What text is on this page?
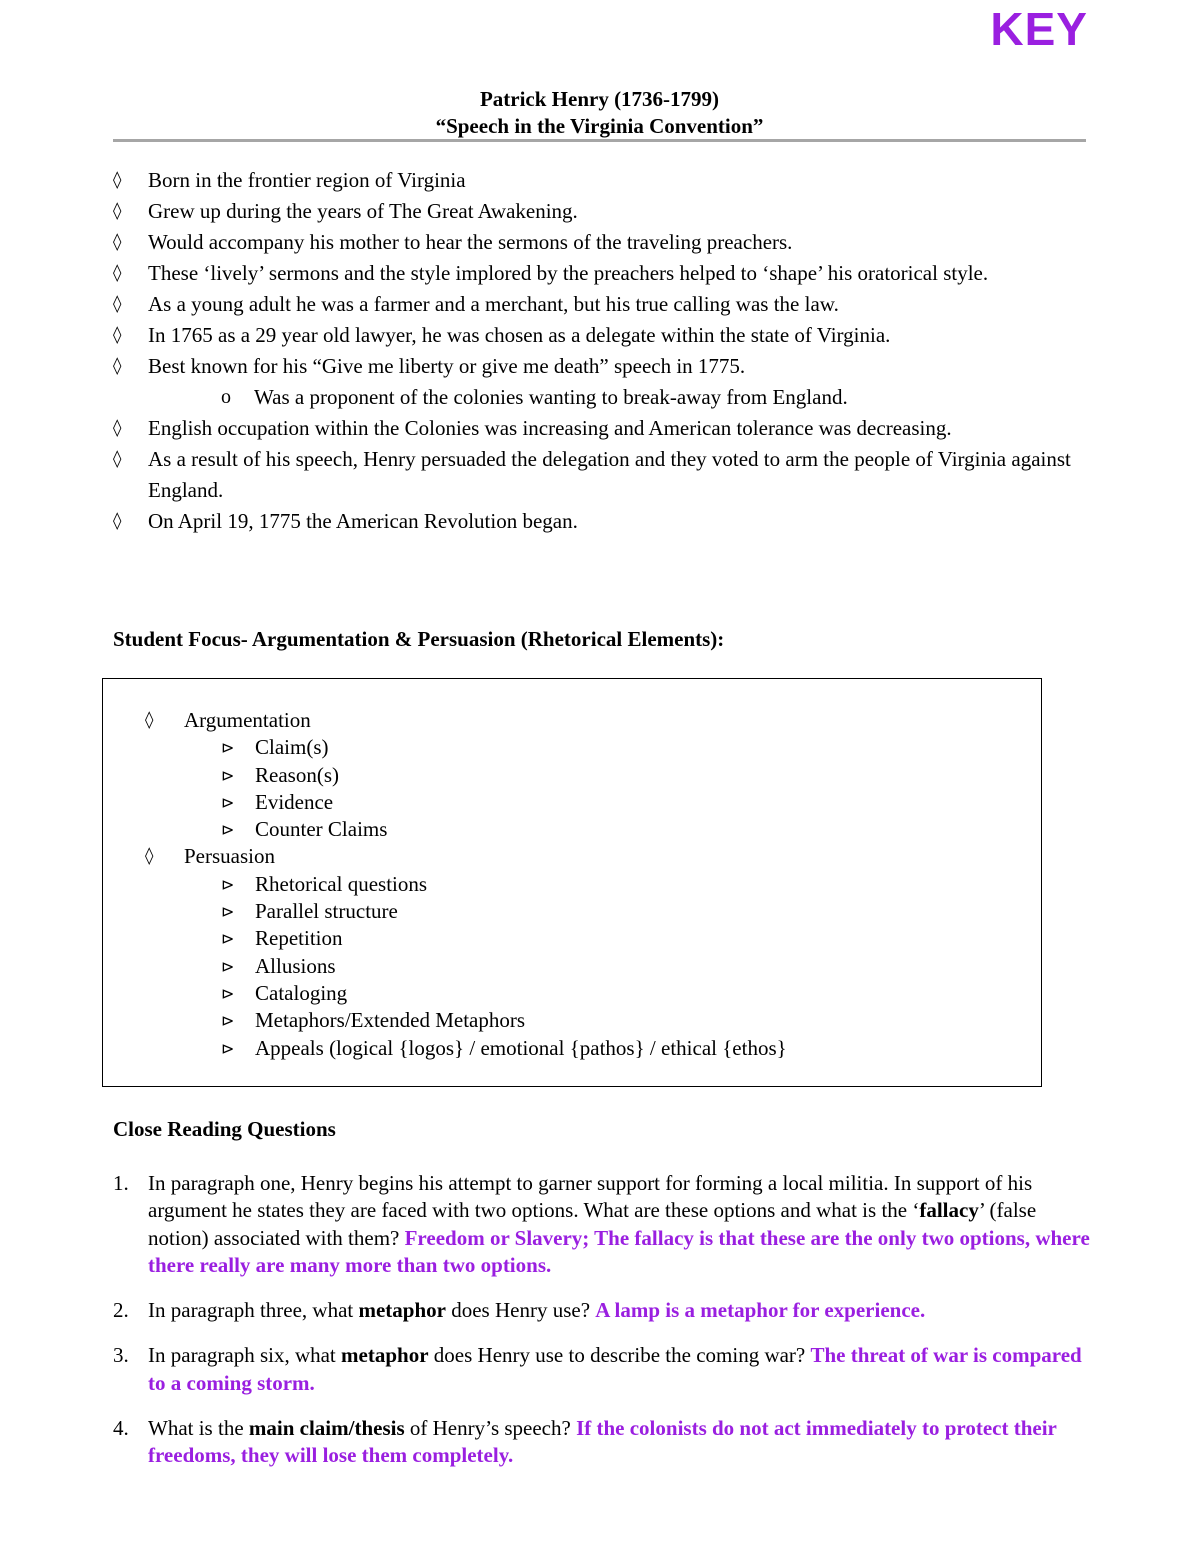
KEY
Patrick Henry (1736-1799)
“Speech in the Virginia Convention”
◊	Born in the frontier region of Virginia
◊	Grew up during the years of The Great Awakening.
◊	Would accompany his mother to hear the sermons of the traveling preachers.
◊	These ‘lively’ sermons and the style implored by the preachers helped to ‘shape’ his oratorical style.
◊	As a young adult he was a farmer and a merchant, but his true calling was the law.
◊	In 1765 as a 29 year old lawyer, he was chosen as a delegate within the state of Virginia.
◊	Best known for his “Give me liberty or give me death” speech in 1775.
o	Was a proponent of the colonies wanting to break-away from England.
◊	English occupation within the Colonies was increasing and American tolerance was decreasing.
◊	As a result of his speech, Henry persuaded the delegation and they voted to arm the people of Virginia against England.
◊	On April 19, 1775 the American Revolution began.
Student Focus- Argumentation & Persuasion (Rhetorical Elements):
◊ Argumentation
⊳ Claim(s)
⊳ Reason(s)
⊳ Evidence
⊳ Counter Claims
◊ Persuasion
⊳ Rhetorical questions
⊳ Parallel structure
⊳ Repetition
⊳ Allusions
⊳ Cataloging
⊳ Metaphors/Extended Metaphors
⊳ Appeals (logical {logos} / emotional {pathos} / ethical {ethos}
Close Reading Questions
1. In paragraph one, Henry begins his attempt to garner support for forming a local militia. In support of his argument he states they are faced with two options. What are these options and what is the ‘fallacy’ (false notion) associated with them? Freedom or Slavery; The fallacy is that these are the only two options, where there really are many more than two options.
2. In paragraph three, what metaphor does Henry use? A lamp is a metaphor for experience.
3. In paragraph six, what metaphor does Henry use to describe the coming war? The threat of war is compared to a coming storm.
4. What is the main claim/thesis of Henry’s speech? If the colonists do not act immediately to protect their freedoms, they will lose them completely.
